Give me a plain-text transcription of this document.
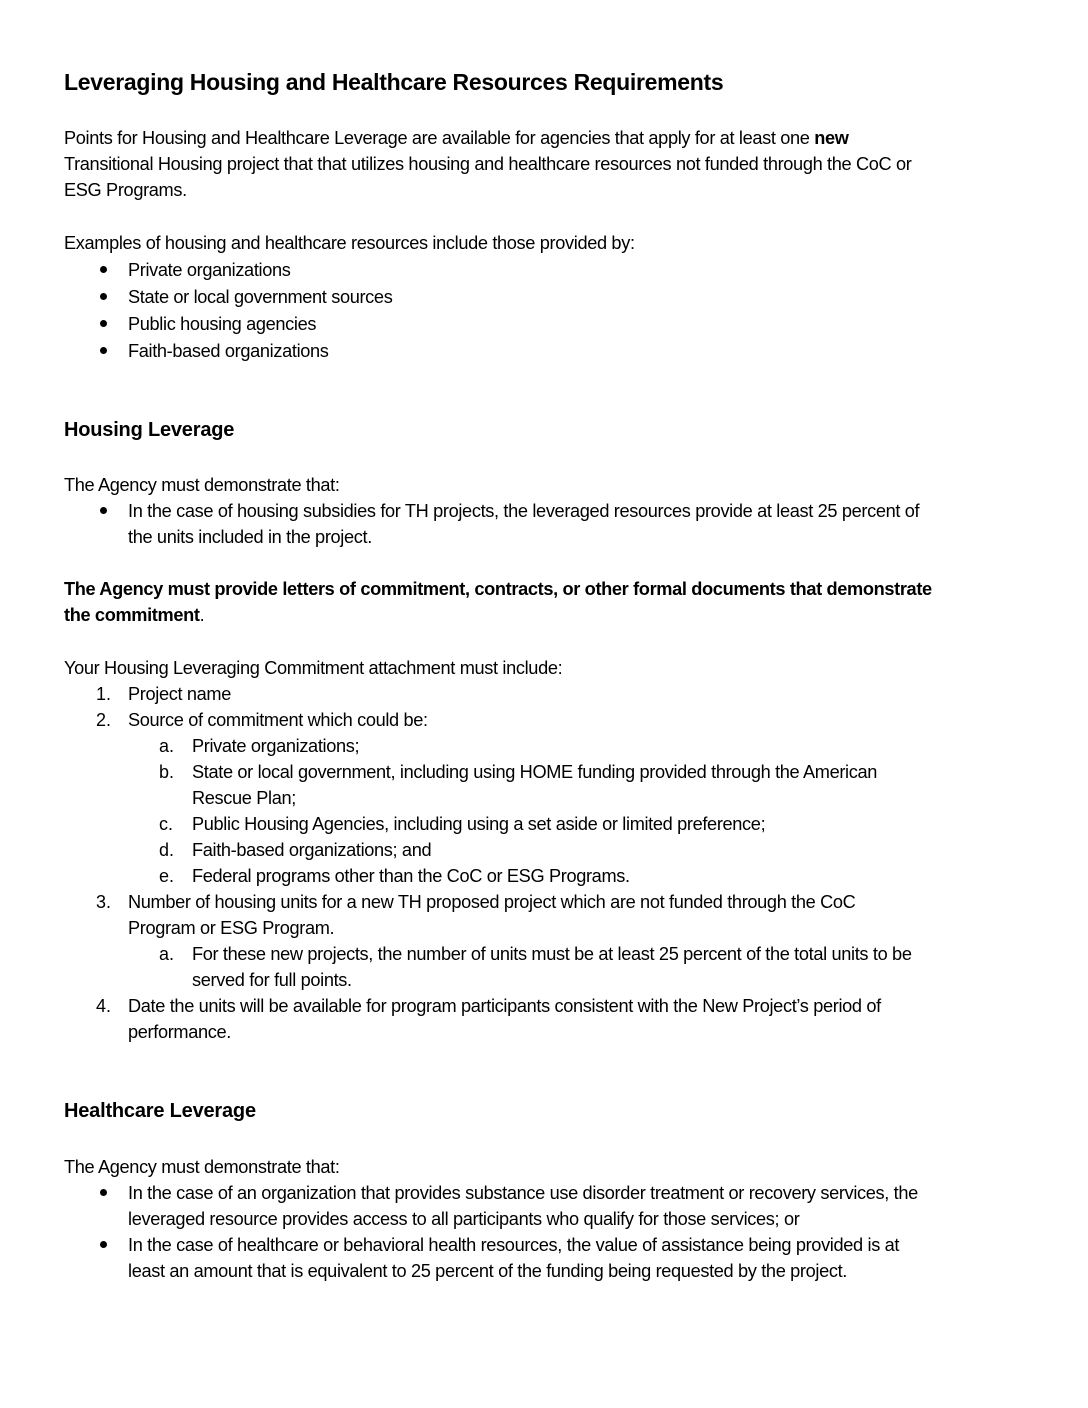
Leveraging Housing and Healthcare Resources Requirements
Points for Housing and Healthcare Leverage are available for agencies that apply for at least one new
Transitional Housing project that that utilizes housing and healthcare resources not funded through the CoC or
ESG Programs.
Examples of housing and healthcare resources include those provided by:
Private organizations
State or local government sources
Public housing agencies
Faith-based organizations
Housing Leverage
The Agency must demonstrate that:
In the case of housing subsidies for TH projects, the leveraged resources provide at least 25 percent of
the units included in the project.
The Agency must provide letters of commitment, contracts, or other formal documents that demonstrate
the commitment.
Your Housing Leveraging Commitment attachment must include:
1. Project name
2. Source of commitment which could be:
a. Private organizations;
b. State or local government, including using HOME funding provided through the American
Rescue Plan;
c. Public Housing Agencies, including using a set aside or limited preference;
d. Faith-based organizations; and
e. Federal programs other than the CoC or ESG Programs.
3. Number of housing units for a new TH proposed project which are not funded through the CoC
Program or ESG Program.
a. For these new projects, the number of units must be at least 25 percent of the total units to be
served for full points.
4. Date the units will be available for program participants consistent with the New Project’s period of
performance.
Healthcare Leverage
The Agency must demonstrate that:
In the case of an organization that provides substance use disorder treatment or recovery services, the
leveraged resource provides access to all participants who qualify for those services; or
In the case of healthcare or behavioral health resources, the value of assistance being provided is at
least an amount that is equivalent to 25 percent of the funding being requested by the project.
